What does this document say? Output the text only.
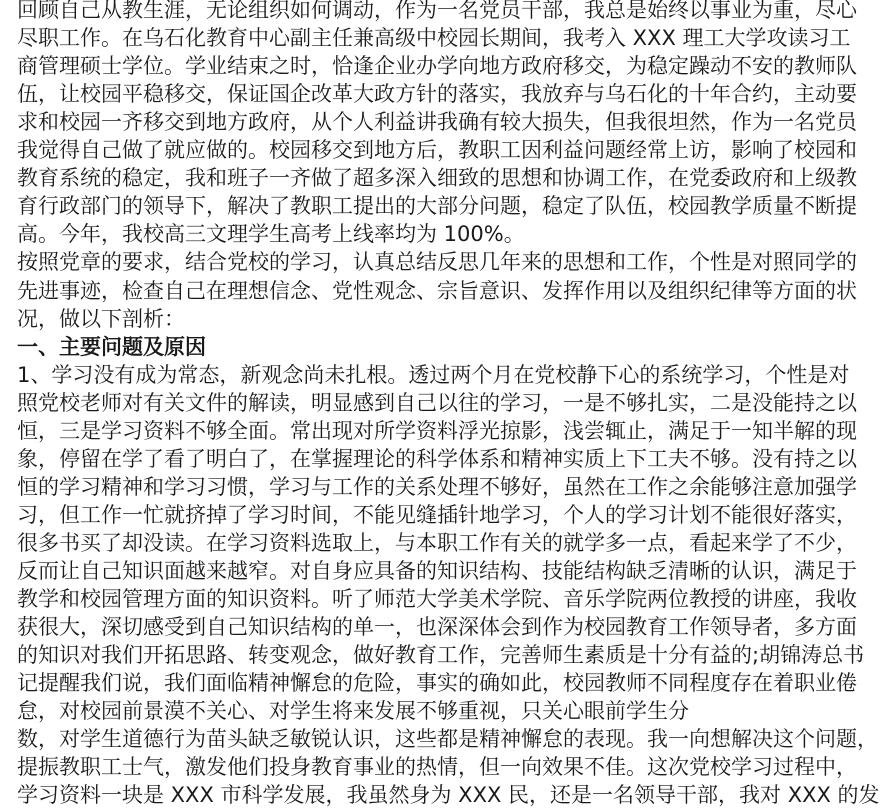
回顾自己从教生涯，无论组织如何调动，作为一名党员干部，我总是始终以事业为重，尽心
尽职工作。在乌石化教育中心副主任兼高级中校园长期间，我考入 XXX 理工大学攻读习工
商管理硕士学位。学业结束之时，恰逢企业办学向地方政府移交，为稳定躁动不安的教师队
伍，让校园平稳移交，保证国企改革大政方针的落实，我放弃与乌石化的十年合约，主动要
求和校园一齐移交到地方政府，从个人利益讲我确有较大损失，但我很坦然，作为一名党员
我觉得自己做了就应做的。校园移交到地方后，教职工因利益问题经常上访，影响了校园和
教育系统的稳定，我和班子一齐做了超多深入细致的思想和协调工作，在党委政府和上级教
育行政部门的领导下，解决了教职工提出的大部分问题，稳定了队伍，校园教学质量不断提
高。今年，我校高三文理学生高考上线率均为 100%。
按照党章的要求，结合党校的学习，认真总结反思几年来的思想和工作，个性是对照同学的
先进事迹，检查自己在理想信念、党性观念、宗旨意识、发挥作用以及组织纪律等方面的状
况，做以下剖析：
一、主要问题及原因
1、学习没有成为常态，新观念尚未扎根。透过两个月在党校静下心的系统学习，个性是对
照党校老师对有关文件的解读，明显感到自己以往的学习，一是不够扎实，二是没能持之以
恒，三是学习资料不够全面。常出现对所学资料浮光掠影，浅尝辄止，满足于一知半解的现
象，停留在学了看了明白了，在掌握理论的科学体系和精神实质上下工夫不够。没有持之以
恒的学习精神和学习习惯，学习与工作的关系处理不够好，虽然在工作之余能够注意加强学
习，但工作一忙就挤掉了学习时间，不能见缝插针地学习，个人的学习计划不能很好落实，
很多书买了却没读。在学习资料选取上，与本职工作有关的就学多一点，看起来学了不少，
反而让自己知识面越来越窄。对自身应具备的知识结构、技能结构缺乏清晰的认识，满足于
教学和校园管理方面的知识资料。听了师范大学美术学院、音乐学院两位教授的讲座，我收
获很大，深切感受到自己知识结构的单一，也深深体会到作为校园教育工作领导者，多方面
的知识对我们开拓思路、转变观念，做好教育工作，完善师生素质是十分有益的;胡锦涛总书
记提醒我们说，我们面临精神懈怠的危险，事实的确如此，校园教师不同程度存在着职业倦
怠，对校园前景漠不关心、对学生将来发展不够重视，只关心眼前学生分
数，对学生道德行为苗头缺乏敏锐认识，这些都是精神懈怠的表现。我一向想解决这个问题，
提振教职工士气，激发他们投身教育事业的热情，但一向效果不佳。这次党校学习过程中，
学习资料一块是 XXX 市科学发展，我虽然身为 XXX 民，还是一名领导干部，我对 XXX 的发
